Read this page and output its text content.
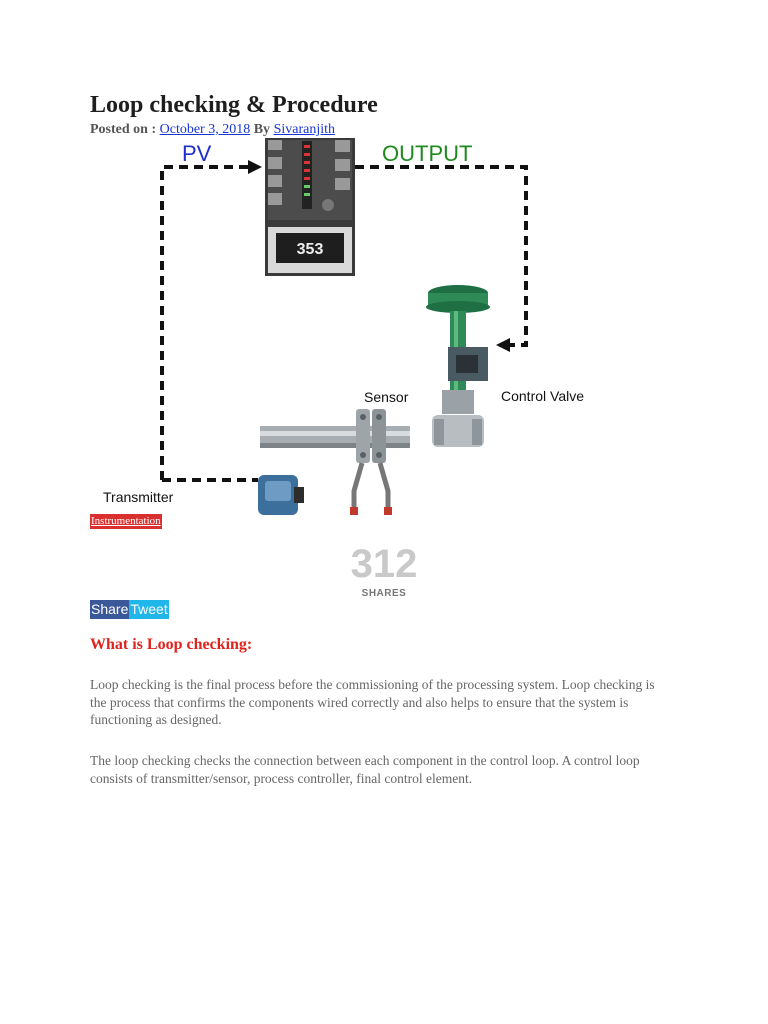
Loop checking & Procedure
Posted on : October 3, 2018 By Sivaranjith
PV	OUTPUT
353
Control Valve
Sensor
Transmitter
Instrumentation
312
SHARES
Share Tweet
What is Loop checking:

Loop checking is the final process before the commissioning of the processing system. Loop checking is the process that confirms the components wired correctly and also helps to ensure that the system is functioning as designed.

The loop checking checks the connection between each component in the control loop. A control loop consists of transmitter/sensor, process controller, final control element.
